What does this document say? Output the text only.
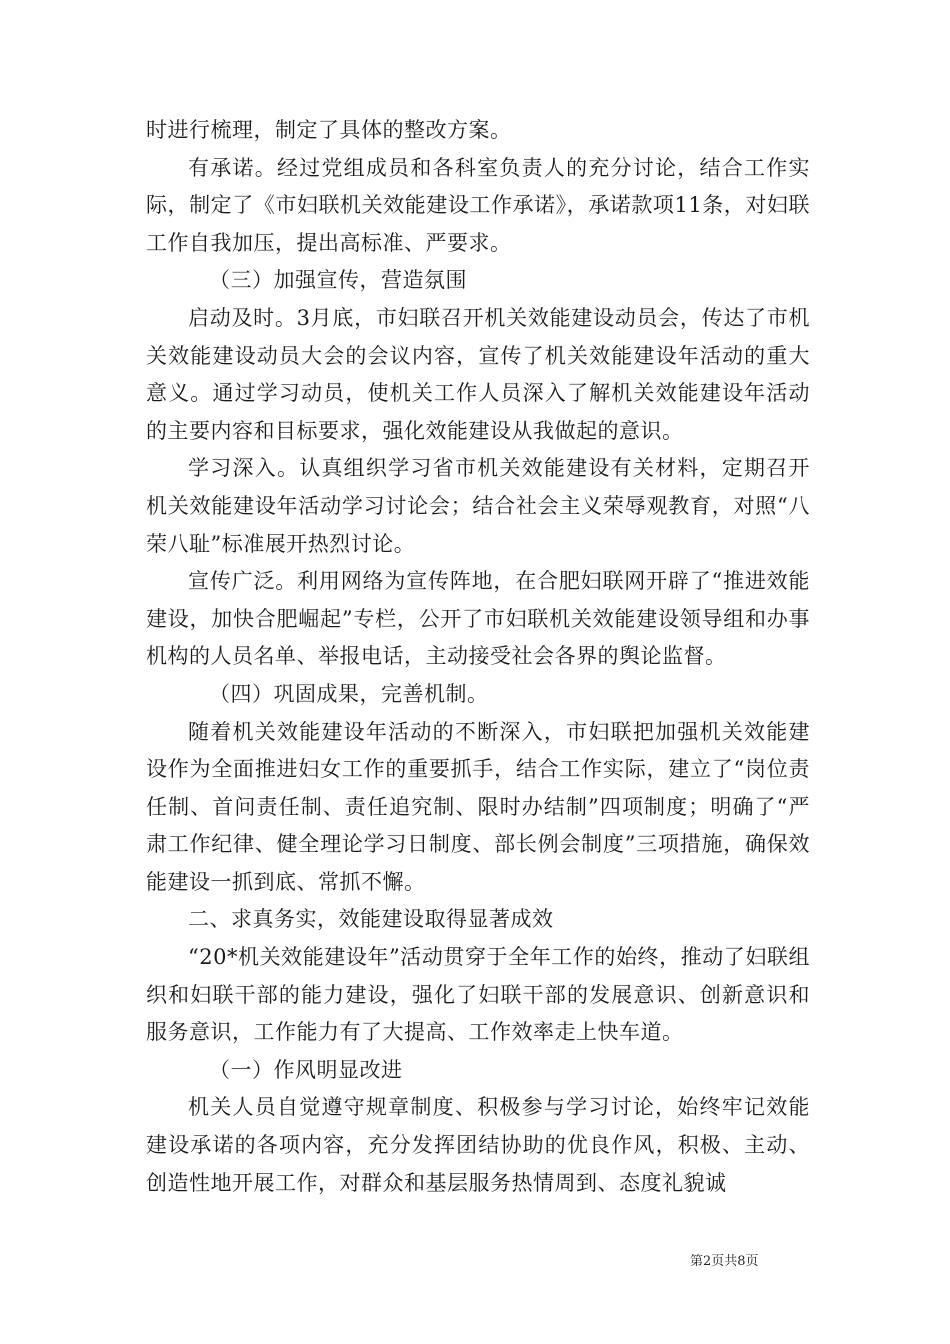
时进行梳理，制定了具体的整改方案。

有承诺。经过党组成员和各科室负责人的充分讨论，结合工作实际，制定了《市妇联机关效能建设工作承诺》，承诺款项11条，对妇联工作自我加压，提出高标准、严要求。

（三）加强宣传，营造氛围

启动及时。3月底，市妇联召开机关效能建设动员会，传达了市机关效能建设动员大会的会议内容，宣传了机关效能建设年活动的重大意义。通过学习动员，使机关工作人员深入了解机关效能建设年活动的主要内容和目标要求，强化效能建设从我做起的意识。

学习深入。认真组织学习省市机关效能建设有关材料，定期召开机关效能建设年活动学习讨论会；结合社会主义荣辱观教育，对照“八荣八耻”标准展开热烈讨论。

宣传广泛。利用网络为宣传阵地，在合肥妇联网开辟了“推进效能建设，加快合肥崛起”专栏，公开了市妇联机关效能建设领导组和办事机构的人员名单、举报电话，主动接受社会各界的舆论监督。

（四）巩固成果，完善机制。

随着机关效能建设年活动的不断深入，市妇联把加强机关效能建设作为全面推进妇女工作的重要抓手，结合工作实际，建立了“岗位责任制、首问责任制、责任追究制、限时办结制”四项制度；明确了“严肃工作纪律、健全理论学习日制度、部长例会制度”三项措施，确保效能建设一抓到底、常抓不懈。

二、求真务实，效能建设取得显著成效

“20*机关效能建设年”活动贯穿于全年工作的始终，推动了妇联组织和妇联干部的能力建设，强化了妇联干部的发展意识、创新意识和服务意识，工作能力有了大提高、工作效率走上快车道。

（一）作风明显改进

机关人员自觉遵守规章制度、积极参与学习讨论，始终牢记效能建设承诺的各项内容，充分发挥团结协助的优良作风，积极、主动、创造性地开展工作，对群众和基层服务热情周到、态度礼貌诚

第2页共8页
